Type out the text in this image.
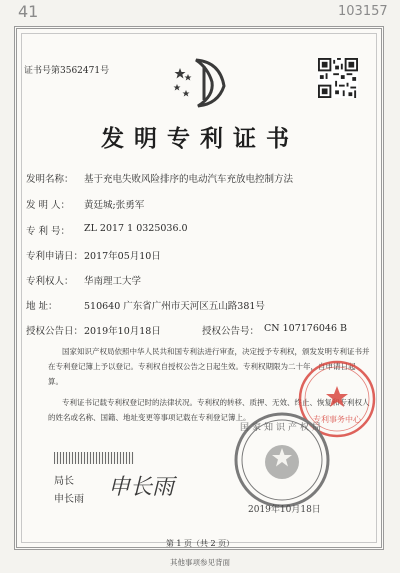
41	103157
证书号第3562471号
发明专利证书
发明名称： 基于充电失败风险排序的电动汽车充放电控制方法
发 明 人： 黄廷城;张勇军
专 利 号： ZL 2017 1 0325036.0
专利申请日： 2017年05月10日
专利权人： 华南理工大学
地 址：	510640 广东省广州市天河区五山路381号
授权公告日： 2019年10月18日	授权公告号： CN 107176046 B

国家知识产权局依照中华人民共和国专利法进行审查，决定授予专利权，颁发发明专利证书并在专利登记簿上予以登记。专利权自授权公告之日起生效。专利权期限为二十年，自申请日起算。

专利证书记载专利权登记时的法律状况。专利权的转移、质押、无效、终止、恢复和专利权人的姓名或名称、国籍、地址变更等事项记载在专利登记簿上。	专利事务中心
国家知识产权局
2019年10月18日
局长
申长雨 申长雨
第 1 页（共 2 页）
其他事项参见背面
